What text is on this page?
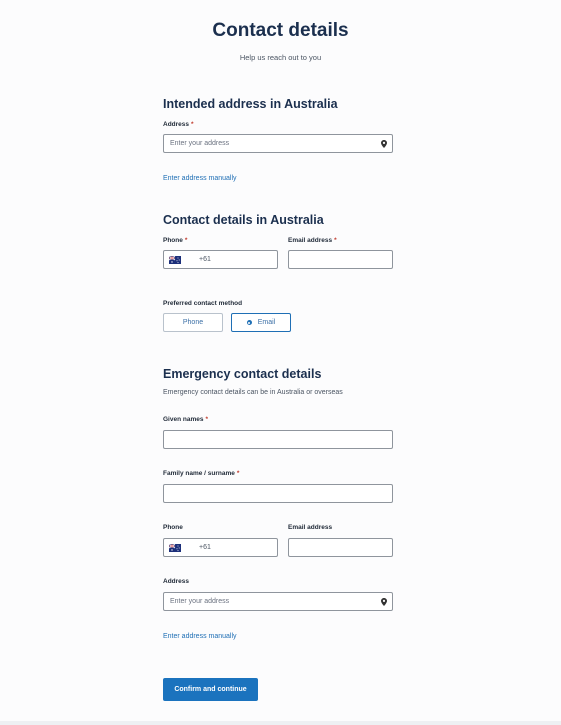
Contact details
Help us reach out to you
Intended address in Australia
Address *
Enter your address
Enter address manually
Contact details in Australia
Phone *
+61
Email address *
Preferred contact method
Phone	Email
Emergency contact details
Emergency contact details can be in Australia or overseas
Given names *
Family name / surname *
Phone
+61
Email address
Address
Enter your address
Enter address manually
Confirm and continue
